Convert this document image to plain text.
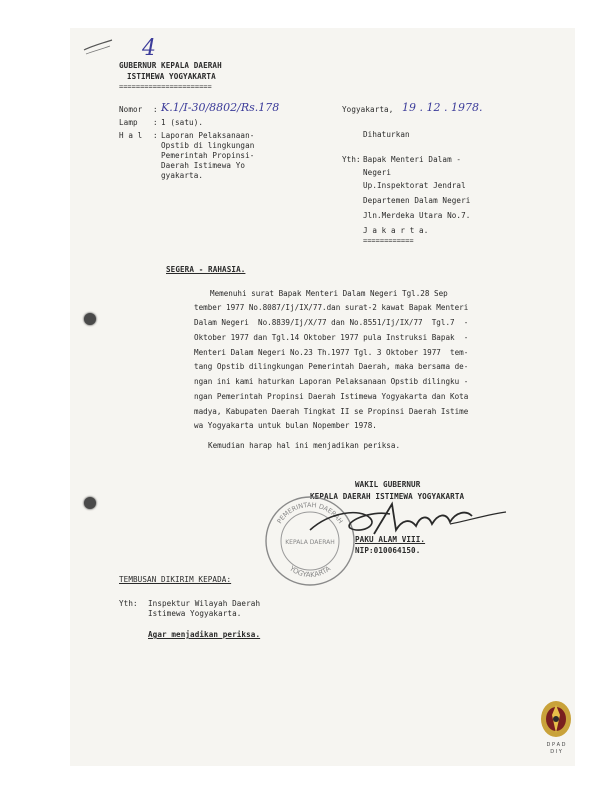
4
GUBERNUR KEPALA DAERAH
ISTIMEWA YOGYAKARTA
======================
Nomor : K.1/I-30/8802/Rs.178
Lamp : 1 (satu).
H a l : Laporan Pelaksanaan-
Opstib di lingkungan
Pemerintah Propinsi-
Daerah Istimewa Yo
gyakarta.
Yogyakarta, 19 . 12 . 1978.
Dihaturkan
Yth: Bapak Menteri Dalam -
Negeri
Up.Inspektorat Jendral
Departemen Dalam Negeri
Jln.Merdeka Utara No.7.
J a k a r t a.
============
SEGERA - RAHASIA.
Memenuhi surat Bapak Menteri Dalam Negeri Tgl.28 Sep
tember 1977 No.8087/Ij/IX/77.dan surat-2 kawat Bapak Menteri
Dalam Negeri  No.8839/Ij/X/77 dan No.8551/Ij/IX/77  Tgl.7  -
Oktober 1977 dan Tgl.14 Oktober 1977 pula Instruksi Bapak  -
Menteri Dalam Negeri No.23 Th.1977 Tgl. 3 Oktober 1977  tem-
tang Opstib dilingkungan Pemerintah Daerah, maka bersama de-
ngan ini kami haturkan Laporan Pelaksanaan Opstib dilingku -
ngan Pemerintah Propinsi Daerah Istimewa Yogyakarta dan Kota
madya, Kabupaten Daerah Tingkat II se Propinsi Daerah Istime
wa Yogyakarta untuk bulan Nopember 1978.
Kemudian harap hal ini menjadikan periksa.
WAKIL GUBERNUR
KEPALA DAERAH ISTIMEWA YOGYAKARTA
PEMERINTAH DAERAH
YOGYAKARTA
KEPALA DAERAH	PAKU ALAM VIII.
NIP:010064150.
TEMBUSAN DIKIRIM KEPADA:
Yth: Inspektur Wilayah Daerah
Istimewa Yogyakarta.
Agar menjadikan periksa.
D P A D
D I Y
